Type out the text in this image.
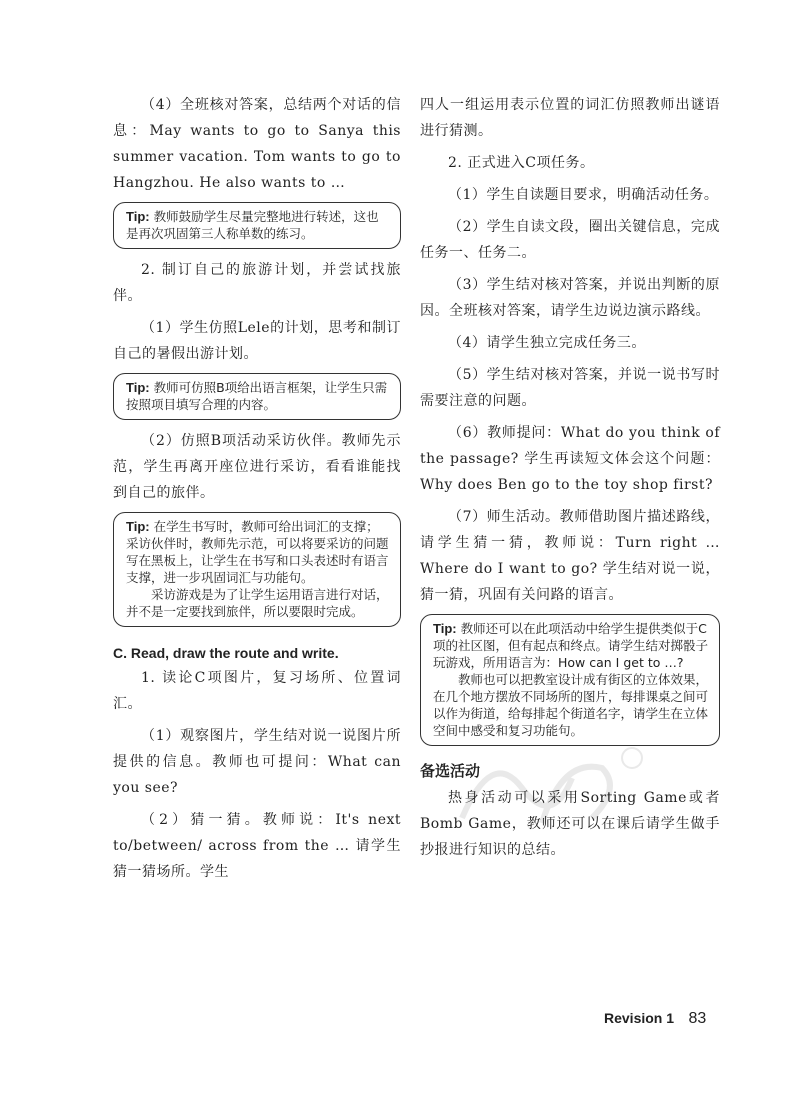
（4）全班核对答案，总结两个对话的信息：May wants to go to Sanya this summer vacation. Tom wants to go to Hangzhou. He also wants to …

Tip: 教师鼓励学生尽量完整地进行转述，这也是再次巩固第三人称单数的练习。

2. 制订自己的旅游计划，并尝试找旅伴。

（1）学生仿照Lele的计划，思考和制订自己的暑假出游计划。

Tip: 教师可仿照B项给出语言框架，让学生只需按照项目填写合理的内容。

（2）仿照B项活动采访伙伴。教师先示范，学生再离开座位进行采访，看看谁能找到自己的旅伴。

Tip: 在学生书写时，教师可给出词汇的支撑；采访伙伴时，教师先示范，可以将要采访的问题写在黑板上，让学生在书写和口头表述时有语言支撑，进一步巩固词汇与功能句。
采访游戏是为了让学生运用语言进行对话，并不是一定要找到旅伴，所以要限时完成。
C. Read, draw the route and write.

1. 读论C项图片，复习场所、位置词汇。

（1）观察图片，学生结对说一说图片所提供的信息。教师也可提问：What can you see?

（2）猜一猜。教师说：It's next to/between/ across from the … 请学生猜一猜场所。学生

四人一组运用表示位置的词汇仿照教师出谜语进行猜测。

2. 正式进入C项任务。

（1）学生自读题目要求，明确活动任务。

（2）学生自读文段，圈出关键信息，完成任务一、任务二。

（3）学生结对核对答案，并说出判断的原因。全班核对答案，请学生边说边演示路线。

（4）请学生独立完成任务三。

（5）学生结对核对答案，并说一说书写时需要注意的问题。

（6）教师提问：What do you think of the passage? 学生再读短文体会这个问题：Why does Ben go to the toy shop first?

（7）师生活动。教师借助图片描述路线，请学生猜一猜，教师说：Turn right … Where do I want to go? 学生结对说一说，猜一猜，巩固有关问路的语言。

Tip: 教师还可以在此项活动中给学生提供类似于C项的社区图，但有起点和终点。请学生结对掷骰子玩游戏，所用语言为：How can I get to …?
教师也可以把教室设计成有街区的立体效果，在几个地方摆放不同场所的图片，每排课桌之间可以作为街道，给每排起个街道名字，请学生在立体空间中感受和复习功能句。
备选活动

热身活动可以采用Sorting Game或者Bomb Game，教师还可以在课后请学生做手抄报进行知识的总结。

Revision 1 83
